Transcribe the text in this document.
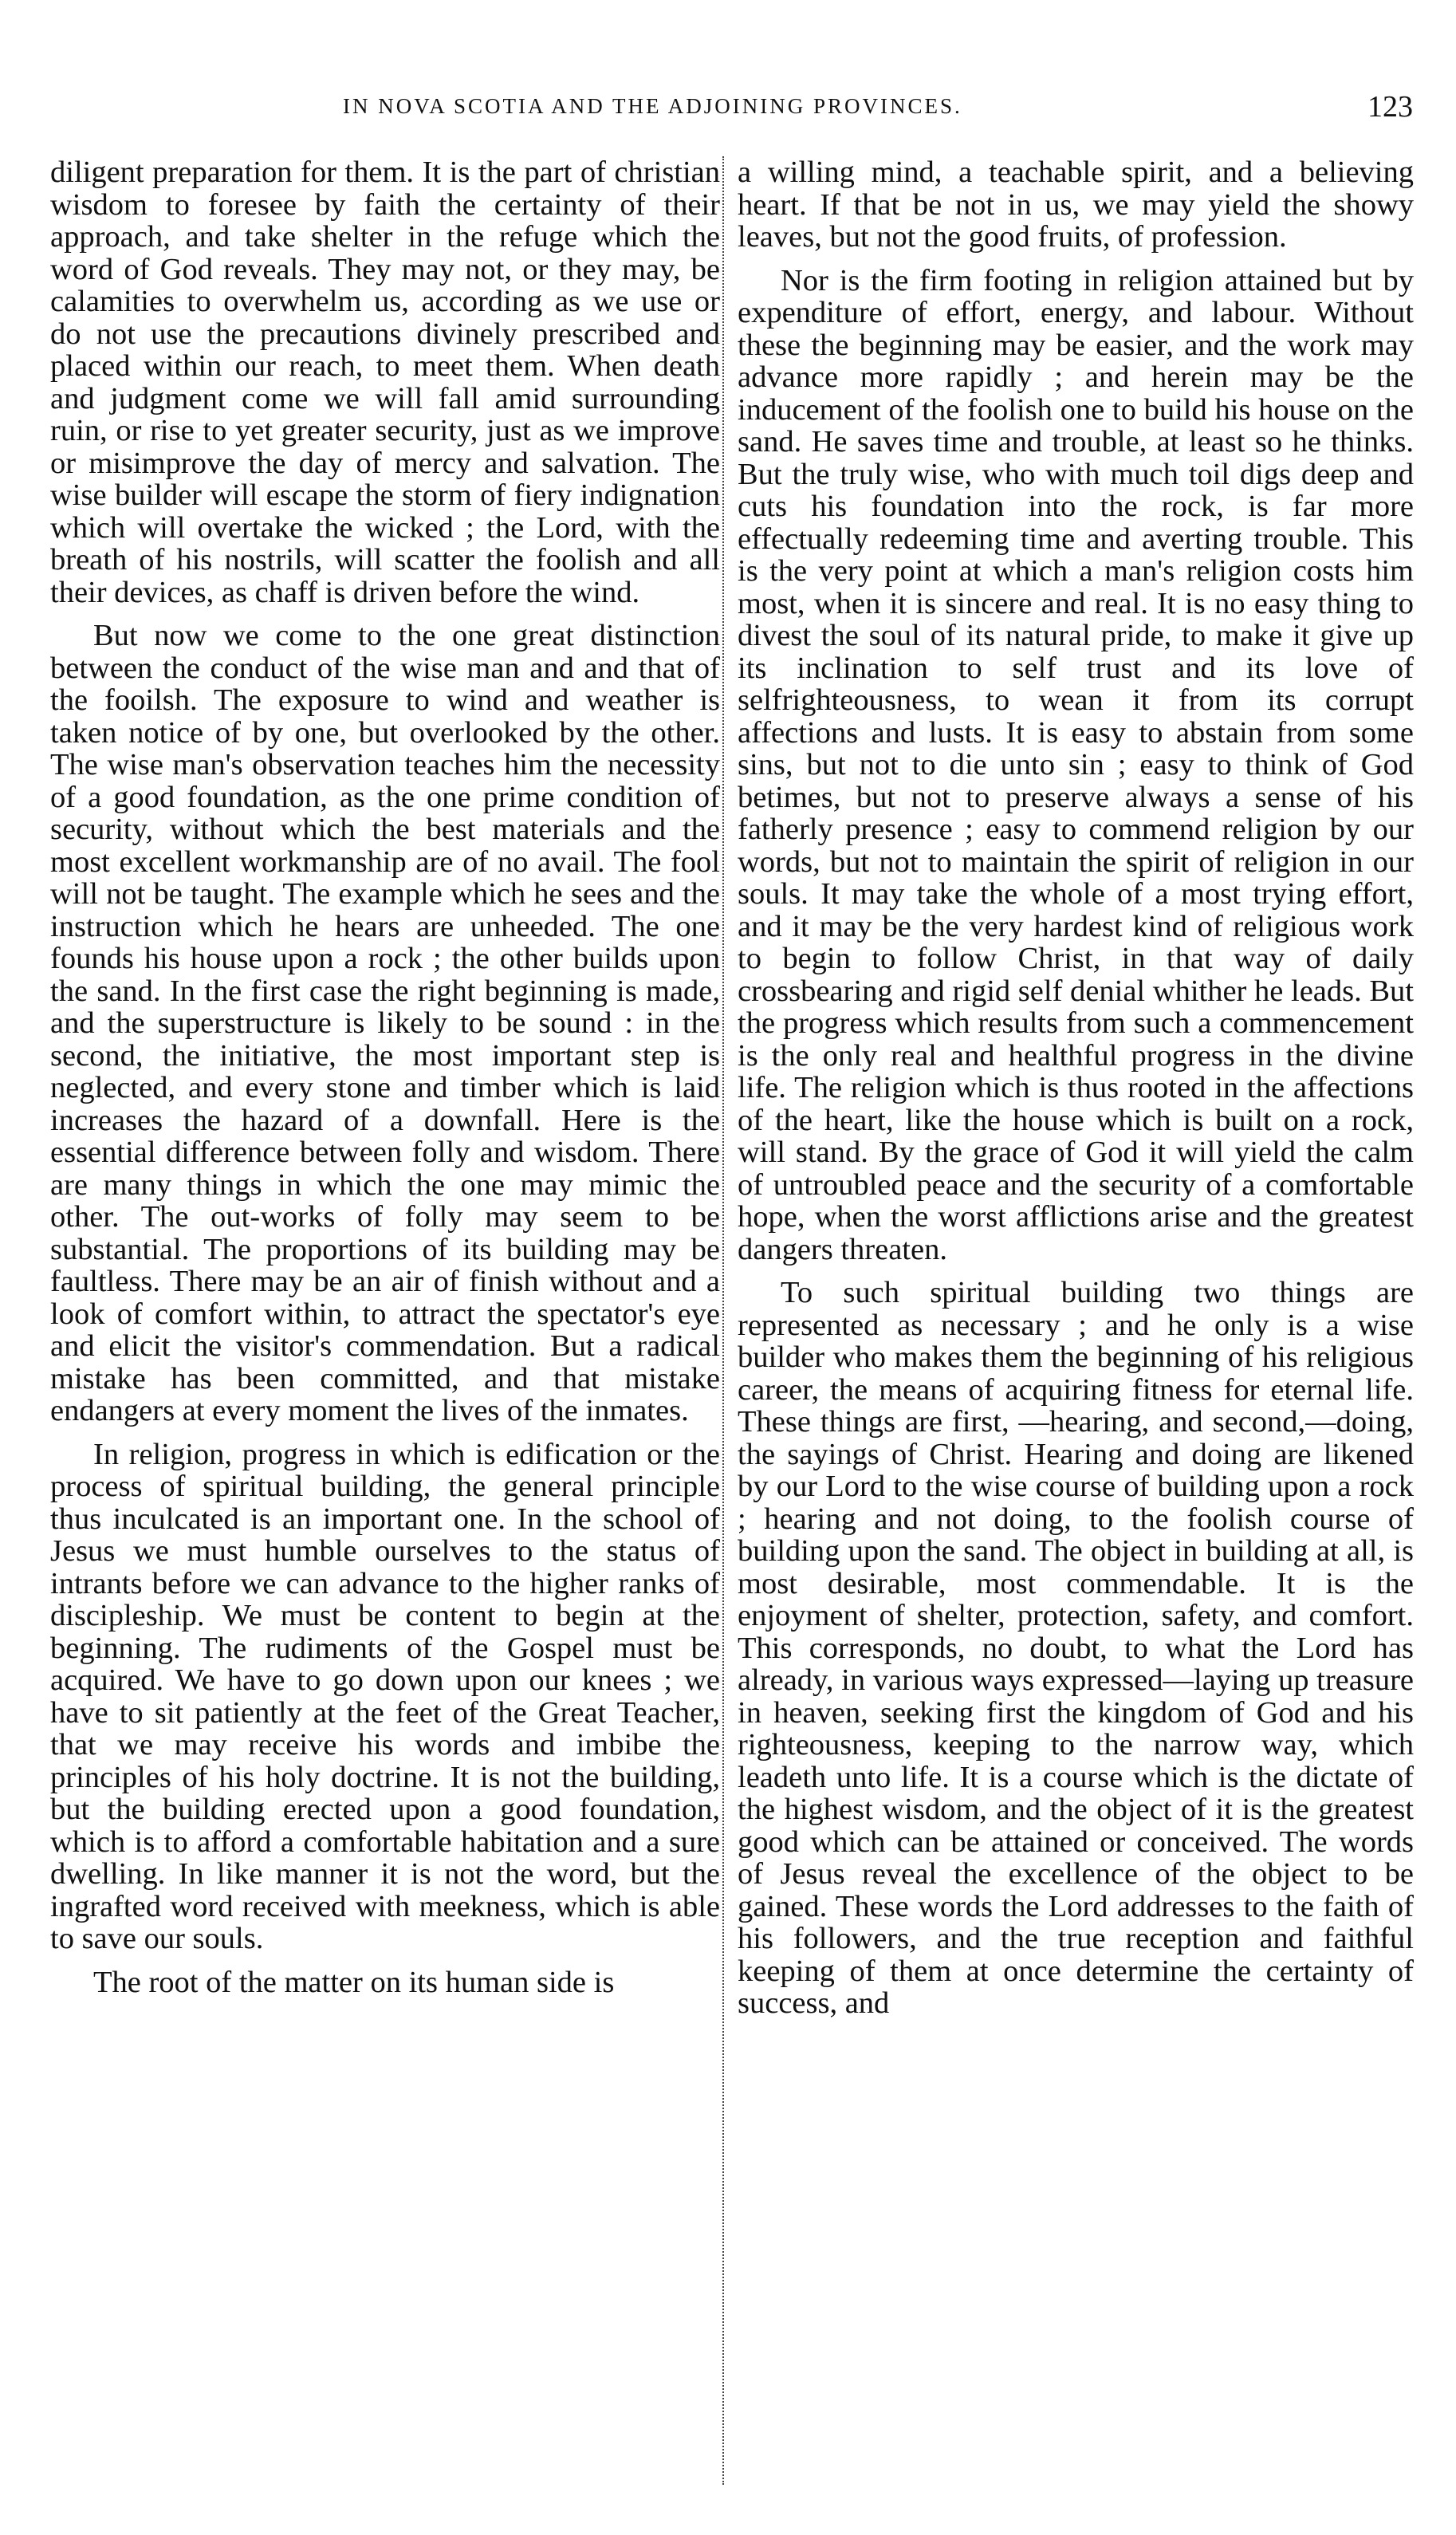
IN NOVA SCOTIA AND THE ADJOINING PROVINCES.	123

diligent preparation for them. It is the part of christian wisdom to foresee by faith the certainty of their approach, and take shelter in the refuge which the word of God reveals. They may not, or they may, be calamities to overwhelm us, according as we use or do not use the precautions divinely prescribed and placed within our reach, to meet them. When death and judgment come we will fall amid surrounding ruin, or rise to yet greater security, just as we improve or misimprove the day of mercy and salvation. The wise builder will escape the storm of fiery indignation which will overtake the wicked ; the Lord, with the breath of his nostrils, will scatter the foolish and all their devices, as chaff is driven before the wind.

But now we come to the one great distinction between the conduct of the wise man and and that of the fooilsh. The exposure to wind and weather is taken notice of by one, but overlooked by the other. The wise man's observation teaches him the necessity of a good foundation, as the one prime condition of security, without which the best materials and the most excellent workmanship are of no avail. The fool will not be taught. The example which he sees and the instruction which he hears are unheeded. The one founds his house upon a rock ; the other builds upon the sand. In the first case the right beginning is made, and the superstructure is likely to be sound : in the second, the initiative, the most important step is neglected, and every stone and timber which is laid increases the hazard of a downfall. Here is the essential difference between folly and wisdom. There are many things in which the one may mimic the other. The out-works of folly may seem to be substantial. The proportions of its building may be faultless. There may be an air of finish without and a look of comfort within, to attract the spectator's eye and elicit the visitor's commendation. But a radical mistake has been committed, and that mistake endangers at every moment the lives of the inmates.

In religion, progress in which is edification or the process of spiritual building, the general principle thus inculcated is an important one. In the school of Jesus we must humble ourselves to the status of intrants before we can advance to the higher ranks of discipleship. We must be content to begin at the beginning. The rudiments of the Gospel must be acquired. We have to go down upon our knees ; we have to sit patiently at the feet of the Great Teacher, that we may receive his words and imbibe the principles of his holy doctrine. It is not the building, but the building erected upon a good foundation, which is to afford a comfortable habitation and a sure dwelling. In like manner it is not the word, but the ingrafted word received with meekness, which is able to save our souls.

The root of the matter on its human side is

a willing mind, a teachable spirit, and a believing heart. If that be not in us, we may yield the showy leaves, but not the good fruits, of profession.

Nor is the firm footing in religion attained but by expenditure of effort, energy, and labour. Without these the beginning may be easier, and the work may advance more rapidly ; and herein may be the inducement of the foolish one to build his house on the sand. He saves time and trouble, at least so he thinks. But the truly wise, who with much toil digs deep and cuts his foundation into the rock, is far more effectually redeeming time and averting trouble. This is the very point at which a man's religion costs him most, when it is sincere and real. It is no easy thing to divest the soul of its natural pride, to make it give up its inclination to self trust and its love of selfrighteousness, to wean it from its corrupt affections and lusts. It is easy to abstain from some sins, but not to die unto sin ; easy to think of God betimes, but not to preserve always a sense of his fatherly presence ; easy to commend religion by our words, but not to maintain the spirit of religion in our souls. It may take the whole of a most trying effort, and it may be the very hardest kind of religious work to begin to follow Christ, in that way of daily crossbearing and rigid self denial whither he leads. But the progress which results from such a commencement is the only real and healthful progress in the divine life. The religion which is thus rooted in the affections of the heart, like the house which is built on a rock, will stand. By the grace of God it will yield the calm of untroubled peace and the security of a comfortable hope, when the worst afflictions arise and the greatest dangers threaten.

To such spiritual building two things are represented as necessary ; and he only is a wise builder who makes them the beginning of his religious career, the means of acquiring fitness for eternal life. These things are first, —hearing, and second,—doing, the sayings of Christ. Hearing and doing are likened by our Lord to the wise course of building upon a rock ; hearing and not doing, to the foolish course of building upon the sand. The object in building at all, is most desirable, most commendable. It is the enjoyment of shelter, protection, safety, and comfort. This corresponds, no doubt, to what the Lord has already, in various ways expressed—laying up treasure in heaven, seeking first the kingdom of God and his righteousness, keeping to the narrow way, which leadeth unto life. It is a course which is the dictate of the highest wisdom, and the object of it is the greatest good which can be attained or conceived. The words of Jesus reveal the excellence of the object to be gained. These words the Lord addresses to the faith of his followers, and the true reception and faithful keeping of them at once determine the certainty of success, and
